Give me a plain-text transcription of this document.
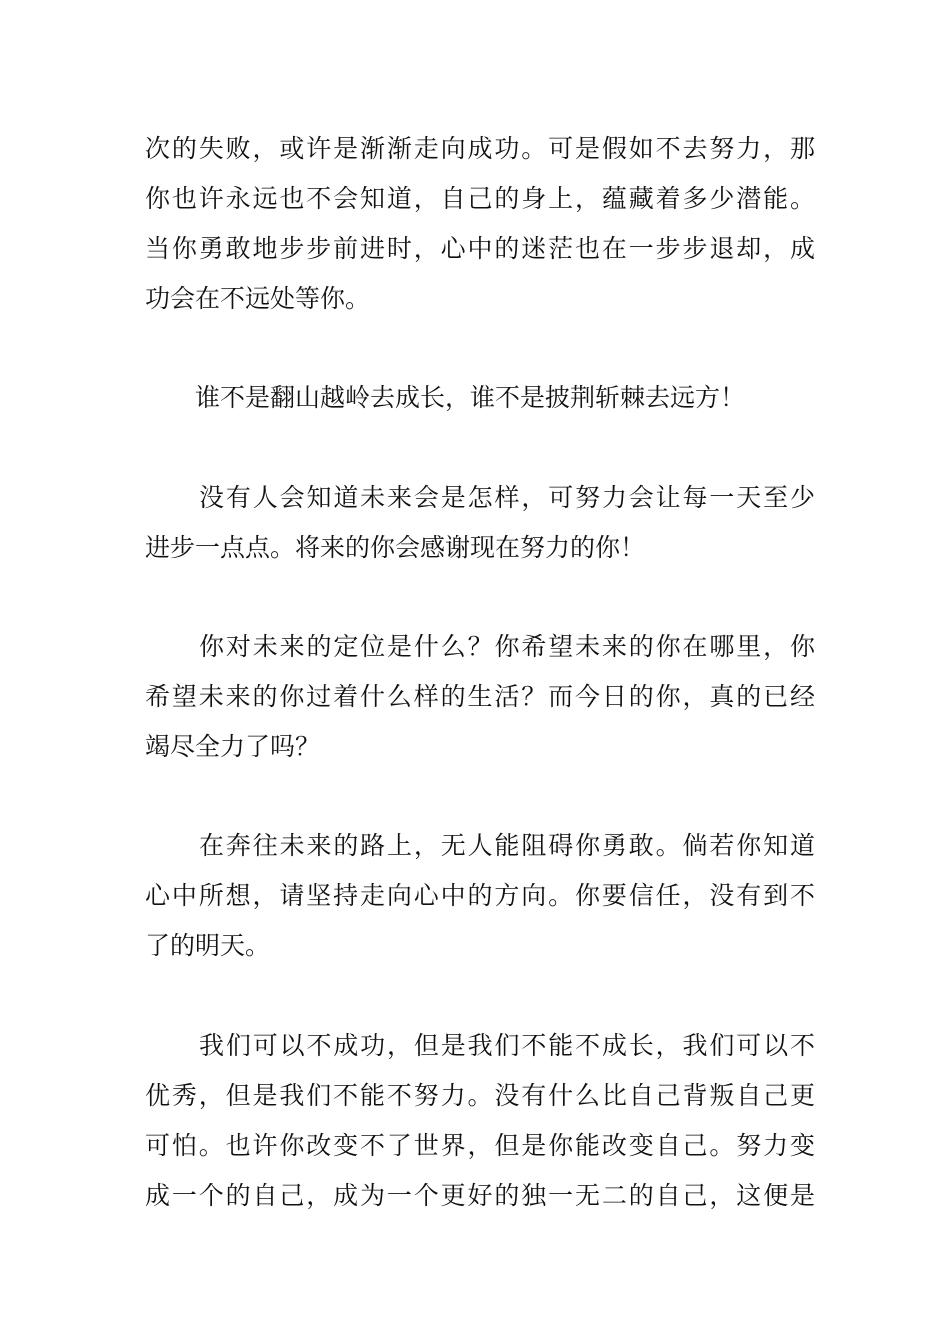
次的失败，或许是渐渐走向成功。可是假如不去努力，那
你也许永远也不会知道，自己的身上，蕴藏着多少潜能。
当你勇敢地步步前进时，心中的迷茫也在一步步退却，成
功会在不远处等你。
谁不是翻山越岭去成长，谁不是披荆斩棘去远方！
没有人会知道未来会是怎样，可努力会让每一天至少
进步一点点。将来的你会感谢现在努力的你！
你对未来的定位是什么？你希望未来的你在哪里，你
希望未来的你过着什么样的生活？而今日的你，真的已经
竭尽全力了吗？
在奔往未来的路上，无人能阻碍你勇敢。倘若你知道
心中所想，请坚持走向心中的方向。你要信任，没有到不
了的明天。
我们可以不成功，但是我们不能不成长，我们可以不
优秀，但是我们不能不努力。没有什么比自己背叛自己更
可怕。也许你改变不了世界，但是你能改变自己。努力变
成一个的自己，成为一个更好的独一无二的自己，这便是
